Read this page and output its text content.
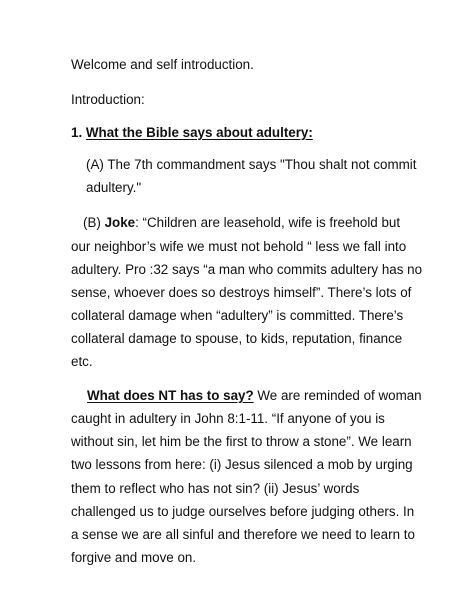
Welcome and self introduction.
Introduction:
1. What the Bible says about adultery:
(A) The 7th commandment says "Thou shalt not commit
adultery."
(B) Joke: “Children are leasehold, wife is freehold but
our neighbor’s wife we must not behold “ less we fall into
adultery. Pro :32 says “a man who commits adultery has no
sense, whoever does so destroys himself”. There’s lots of
collateral damage when “adultery” is committed. There’s
collateral damage to spouse, to kids, reputation, finance
etc.
What does NT has to say? We are reminded of woman
caught in adultery in John 8:1-11. “If anyone of you is
without sin, let him be the first to throw a stone”. We learn
two lessons from here: (i) Jesus silenced a mob by urging
them to reflect who has not sin? (ii) Jesus’ words
challenged us to judge ourselves before judging others. In
a sense we are all sinful and therefore we need to learn to
forgive and move on.
